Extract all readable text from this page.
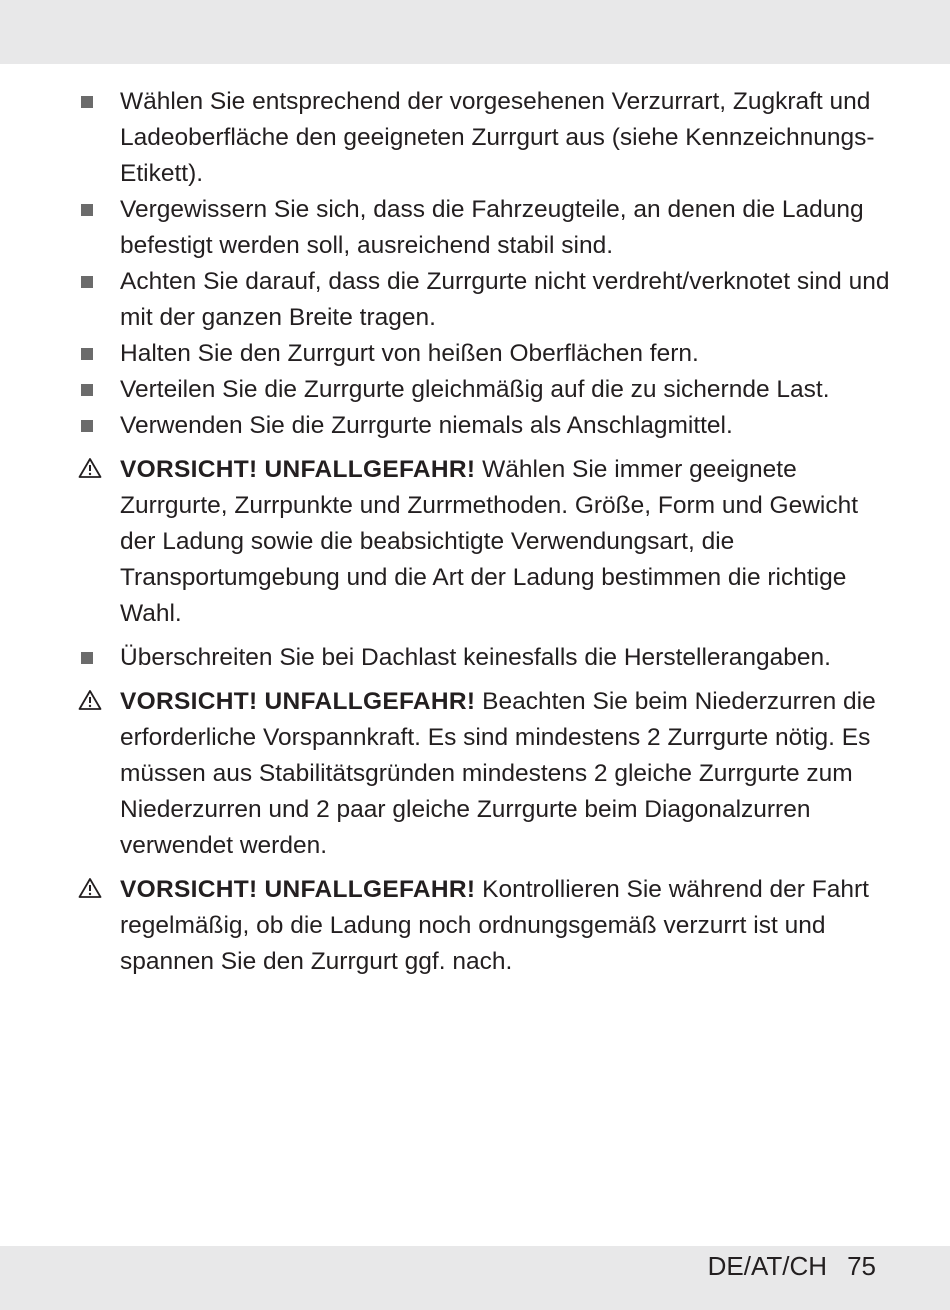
Wählen Sie entsprechend der vorgesehenen Verzurrart, Zugkraft und Ladeoberfläche den geeigneten Zurrgurt aus (siehe Kennzeichnungs-Etikett).
Vergewissern Sie sich, dass die Fahrzeugteile, an denen die Ladung befestigt werden soll, ausreichend stabil sind.
Achten Sie darauf, dass die Zurrgurte nicht verdreht/verknotet sind und mit der ganzen Breite tragen.
Halten Sie den Zurrgurt von heißen Oberflächen fern.
Verteilen Sie die Zurrgurte gleichmäßig auf die zu sichernde Last.
Verwenden Sie die Zurrgurte niemals als Anschlagmittel.
VORSICHT! UNFALLGEFAHR! Wählen Sie immer geeignete Zurrgurte, Zurrpunkte und Zurrmethoden. Größe, Form und Gewicht der Ladung sowie die beabsichtigte Verwendungsart, die Transportumgebung und die Art der Ladung bestimmen die richtige Wahl.
Überschreiten Sie bei Dachlast keinesfalls die Herstellerangaben.
VORSICHT! UNFALLGEFAHR! Beachten Sie beim Niederzurren die erforderliche Vorspannkraft. Es sind mindestens 2 Zurrgurte nötig. Es müssen aus Stabilitätsgründen mindestens 2 gleiche Zurrgurte zum Niederzurren und 2 paar gleiche Zurrgurte beim Diagonalzurren verwendet werden.
VORSICHT! UNFALLGEFAHR! Kontrollieren Sie während der Fahrt regelmäßig, ob die Ladung noch ordnungsgemäß verzurrt ist und spannen Sie den Zurrgurt ggf. nach.
DE/AT/CH 75
